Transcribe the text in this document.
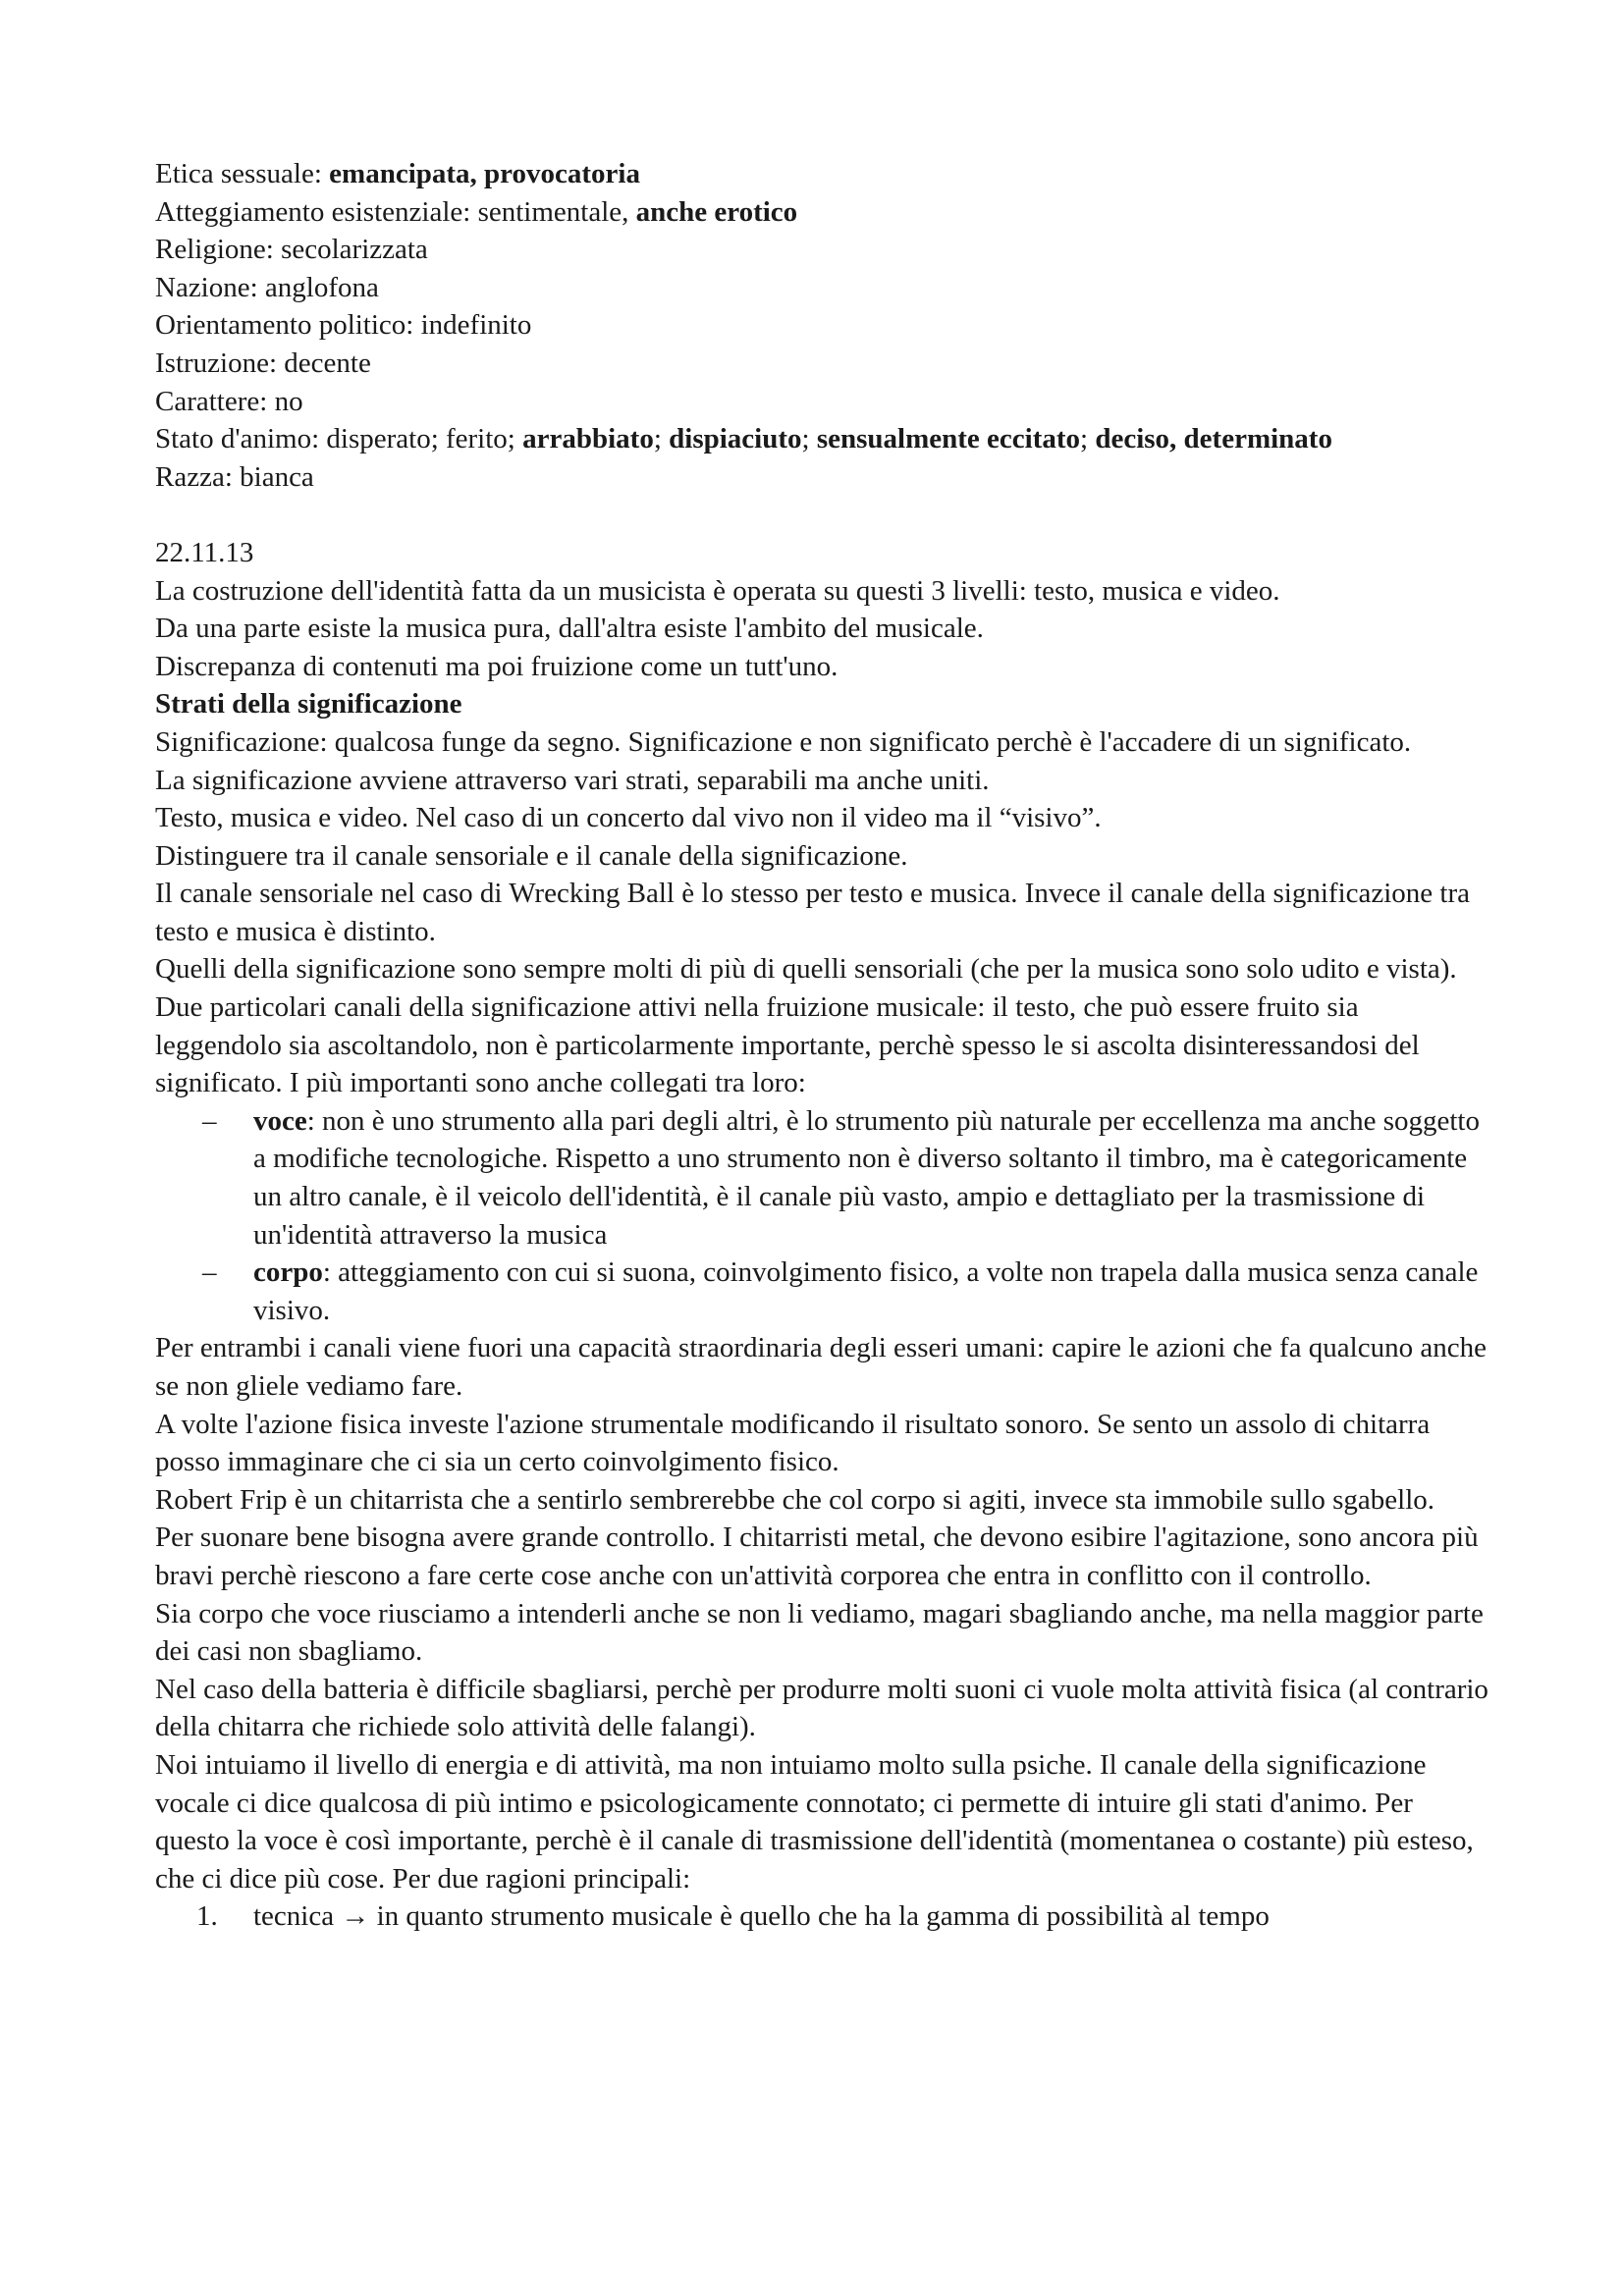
Etica sessuale: emancipata, provocatoria

Atteggiamento esistenziale: sentimentale, anche erotico

Religione: secolarizzata

Nazione: anglofona

Orientamento politico: indefinito

Istruzione: decente

Carattere: no

Stato d'animo: disperato; ferito; arrabbiato; dispiaciuto; sensualmente eccitato; deciso, determinato

Razza: bianca

22.11.13

La costruzione dell'identità fatta da un musicista è operata su questi 3 livelli: testo, musica e video.

Da una parte esiste la musica pura, dall'altra esiste l'ambito del musicale.

Discrepanza di contenuti ma poi fruizione come un tutt'uno.

Strati della significazione

Significazione: qualcosa funge da segno. Significazione e non significato perchè è l'accadere di un significato.

La significazione avviene attraverso vari strati, separabili ma anche uniti.

Testo, musica e video. Nel caso di un concerto dal vivo non il video ma il “visivo”.

Distinguere tra il canale sensoriale e il canale della significazione.

Il canale sensoriale nel caso di Wrecking Ball è lo stesso per testo e musica. Invece il canale della significazione tra testo e musica è distinto.

Quelli della significazione sono sempre molti di più di quelli sensoriali (che per la musica sono solo udito e vista).

Due particolari canali della significazione attivi nella fruizione musicale: il testo, che può essere fruito sia leggendolo sia ascoltandolo, non è particolarmente importante, perchè spesso le si ascolta disinteressandosi del significato. I più importanti sono anche collegati tra loro:

– voce: non è uno strumento alla pari degli altri, è lo strumento più naturale per eccellenza ma anche soggetto a modifiche tecnologiche. Rispetto a uno strumento non è diverso soltanto il timbro, ma è categoricamente un altro canale, è il veicolo dell'identità, è il canale più vasto, ampio e dettagliato per la trasmissione di un'identità attraverso la musica
– corpo: atteggiamento con cui si suona, coinvolgimento fisico, a volte non trapela dalla musica senza canale visivo.

Per entrambi i canali viene fuori una capacità straordinaria degli esseri umani: capire le azioni che fa qualcuno anche se non gliele vediamo fare.

A volte l'azione fisica investe l'azione strumentale modificando il risultato sonoro. Se sento un assolo di chitarra posso immaginare che ci sia un certo coinvolgimento fisico.

Robert Frip è un chitarrista che a sentirlo sembrerebbe che col corpo si agiti, invece sta immobile sullo sgabello.

Per suonare bene bisogna avere grande controllo. I chitarristi metal, che devono esibire l'agitazione, sono ancora più bravi perchè riescono a fare certe cose anche con un'attività corporea che entra in conflitto con il controllo.

Sia corpo che voce riusciamo a intenderli anche se non li vediamo, magari sbagliando anche, ma nella maggior parte dei casi non sbagliamo.

Nel caso della batteria è difficile sbagliarsi, perchè per produrre molti suoni ci vuole molta attività fisica (al contrario della chitarra che richiede solo attività delle falangi).

Noi intuiamo il livello di energia e di attività, ma non intuiamo molto sulla psiche. Il canale della significazione vocale ci dice qualcosa di più intimo e psicologicamente connotato; ci permette di intuire gli stati d'animo. Per questo la voce è così importante, perchè è il canale di trasmissione dell'identità (momentanea o costante) più esteso, che ci dice più cose. Per due ragioni principali:

1. tecnica → in quanto strumento musicale è quello che ha la gamma di possibilità al tempo
